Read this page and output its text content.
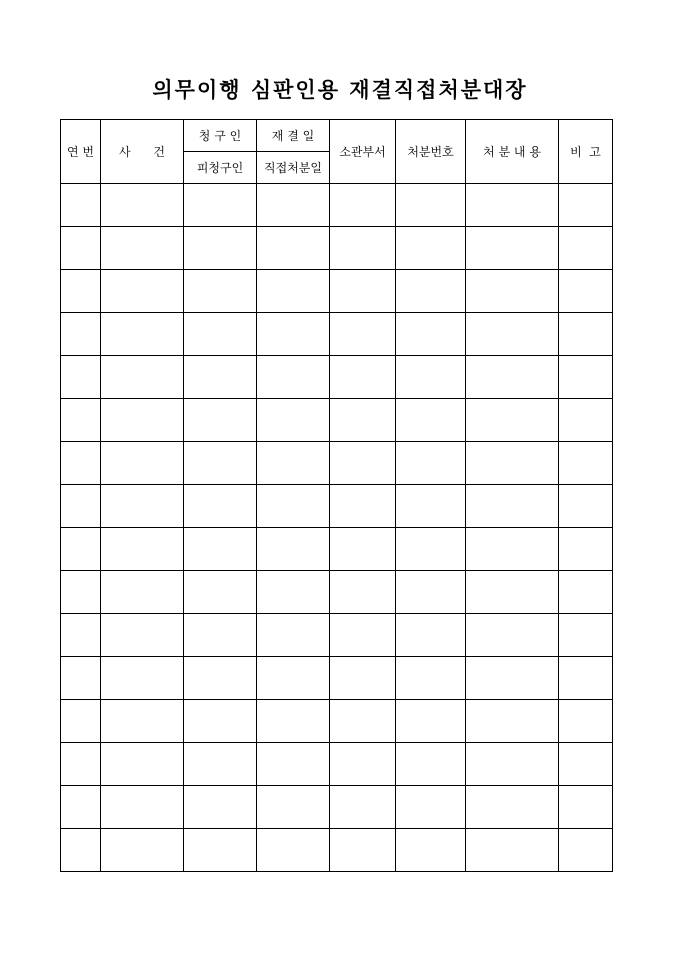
의무이행 심판인용 재결직접처분대장
연 번	사      건	청 구 인	재 결 일	소관부서	처분번호	처 분 내 용	비  고
		피청구인	직접처분일				
